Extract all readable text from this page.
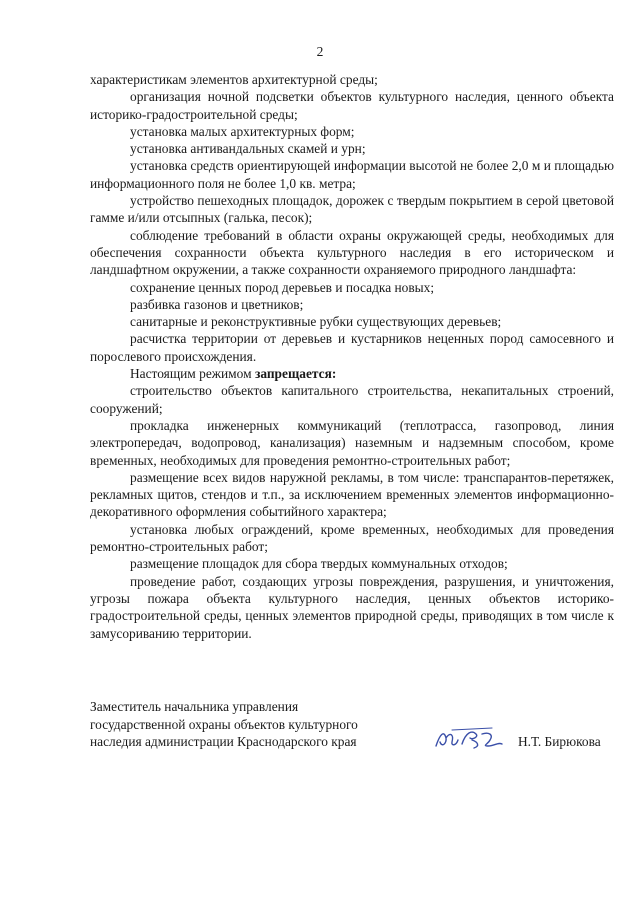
2

характеристикам элементов архитектурной среды;

организация ночной подсветки объектов культурного наследия, ценного объекта историко-градостроительной среды;

установка малых архитектурных форм;

установка антивандальных скамей и урн;

установка средств ориентирующей информации высотой не более 2,0 м и площадью информационного поля не более 1,0 кв. метра;

устройство пешеходных площадок, дорожек с твердым покрытием в серой цветовой гамме и/или отсыпных (галька, песок);

соблюдение требований в области охраны окружающей среды, необходимых для обеспечения сохранности объекта культурного наследия в его историческом и ландшафтном окружении, а также сохранности охраняемого природного ландшафта:

сохранение ценных пород деревьев и посадка новых;

разбивка газонов и цветников;

санитарные и реконструктивные рубки существующих деревьев;

расчистка территории от деревьев и кустарников неценных пород самосевного и порослевого происхождения.

Настоящим режимом запрещается:

строительство объектов капитального строительства, некапитальных строений, сооружений;

прокладка инженерных коммуникаций (теплотрасса, газопровод, линия электропередач, водопровод, канализация) наземным и надземным способом, кроме временных, необходимых для проведения ремонтно-строительных работ;

размещение всех видов наружной рекламы, в том числе: транспарантов-перетяжек, рекламных щитов, стендов и т.п., за исключением временных элементов информационно-декоративного оформления событийного характера;

установка любых ограждений, кроме временных, необходимых для проведения ремонтно-строительных работ;

размещение площадок для сбора твердых коммунальных отходов;

проведение работ, создающих угрозы повреждения, разрушения, и уничтожения, угрозы пожара объекта культурного наследия, ценных объектов историко-градостроительной среды, ценных элементов природной среды, приводящих в том числе к замусориванию территории.

Заместитель начальника управления
государственной охраны объектов культурного
наследия администрации Краснодарского края	Н.Т. Бирюкова
